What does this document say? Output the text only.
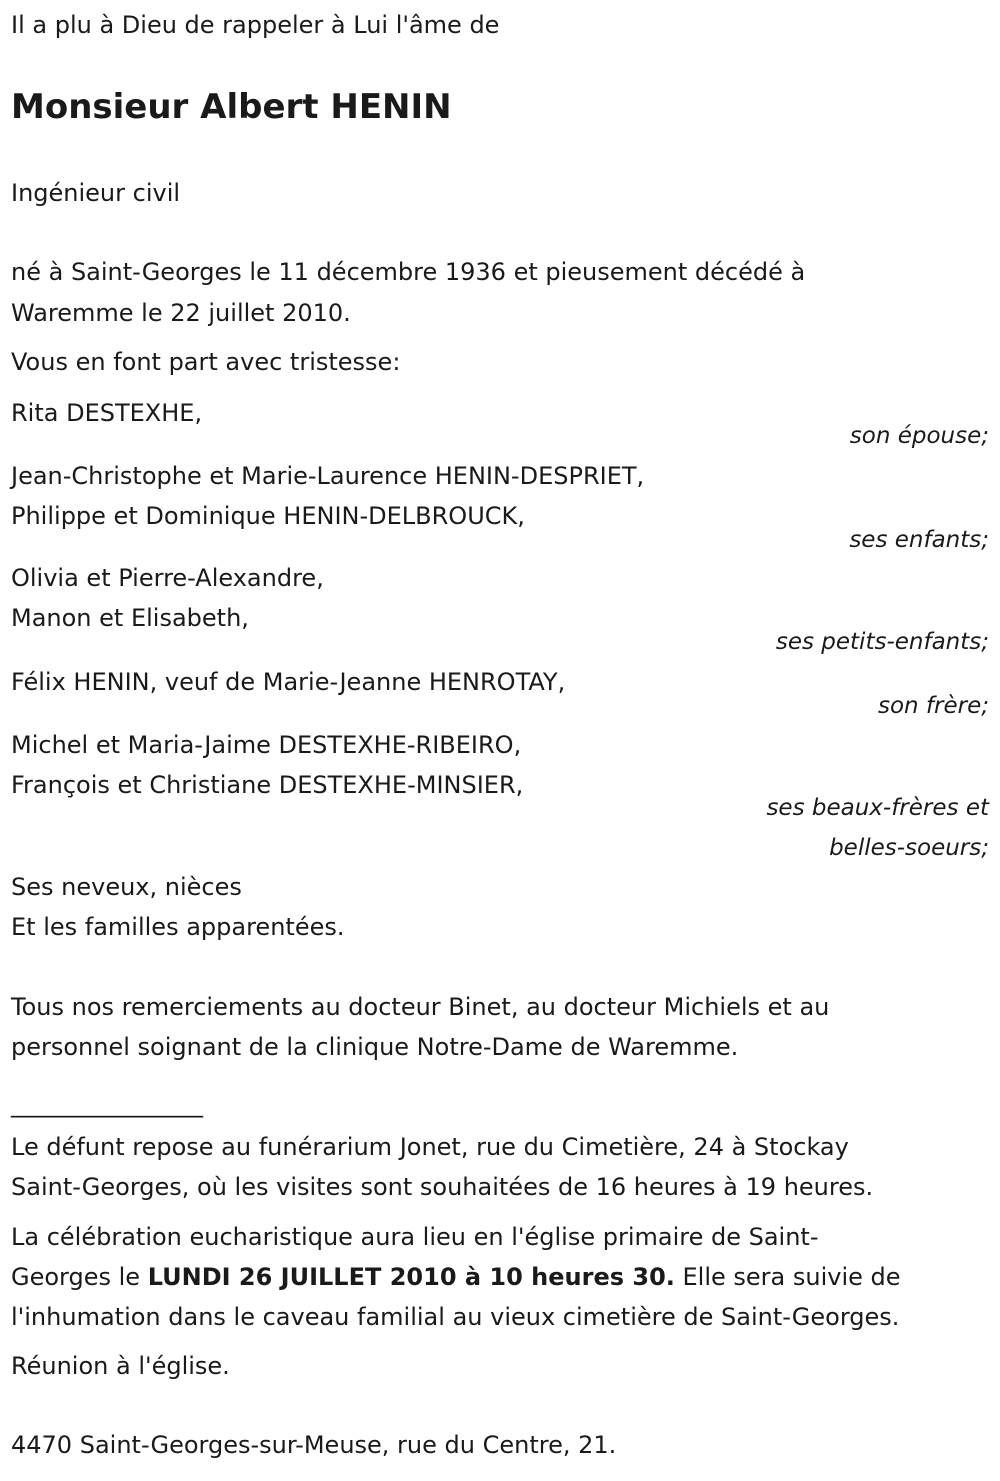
Il a plu à Dieu de rappeler à Lui l'âme de
Monsieur Albert HENIN
Ingénieur civil
né à Saint-Georges le 11 décembre 1936 et pieusement décédé à
Waremme le 22 juillet 2010.
Vous en font part avec tristesse:
Rita DESTEXHE,
son épouse;
Jean-Christophe et Marie-Laurence HENIN-DESPRIET,
Philippe et Dominique HENIN-DELBROUCK,
ses enfants;
Olivia et Pierre-Alexandre,
Manon et Elisabeth,
ses petits-enfants;
Félix HENIN, veuf de Marie-Jeanne HENROTAY,
son frère;
Michel et Maria-Jaime DESTEXHE-RIBEIRO,
François et Christiane DESTEXHE-MINSIER,
ses beaux-frères et
belles-soeurs;
Ses neveux, nièces
Et les familles apparentées.
Tous nos remerciements au docteur Binet, au docteur Michiels et au
personnel soignant de la clinique Notre-Dame de Waremme.
________________
Le défunt repose au funérarium Jonet, rue du Cimetière, 24 à Stockay
Saint-Georges, où les visites sont souhaitées de 16 heures à 19 heures.
La célébration eucharistique aura lieu en l'église primaire de Saint-
Georges le LUNDI 26 JUILLET 2010 à 10 heures 30. Elle sera suivie de
l'inhumation dans le caveau familial au vieux cimetière de Saint-Georges.
Réunion à l'église.
4470 Saint-Georges-sur-Meuse, rue du Centre, 21.
